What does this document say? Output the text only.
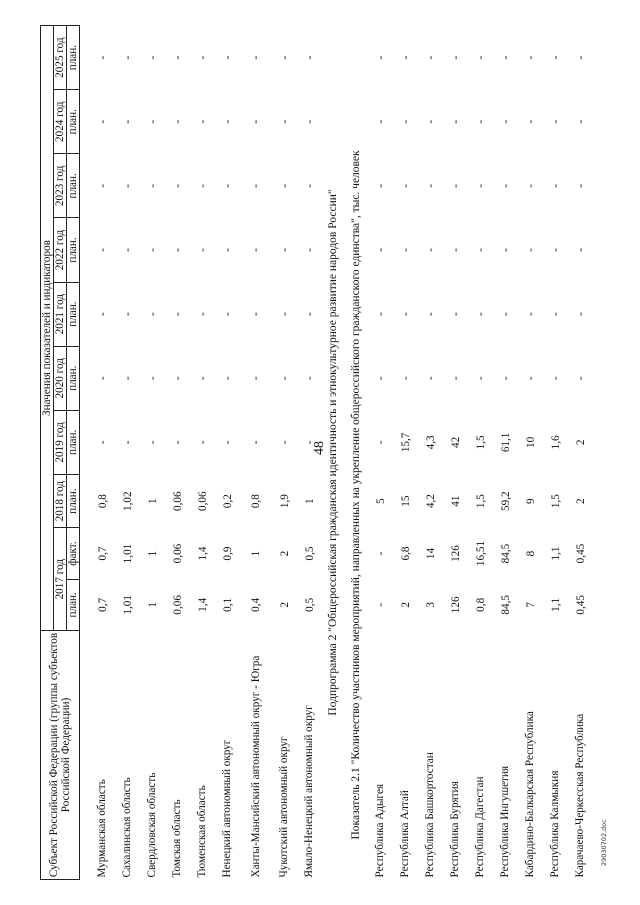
48
Субъект Российской Федерации (группы субъектов Российской Федерации)	Значения показателей и индикаторов									
	2017 год		2018 год	2019 год	2020 год	2021 год	2022 год	2023 год	2024 год	2025 год
	план.	факт.	план.	план.	план.	план.	план.	план.	план.	план.

Мурманская область	0,7	0,7	0,8	-	-	-	-	-	-	-
Сахалинская область	1,01	1,01	1,02	-	-	-	-	-	-	-
Свердловская область	1	1	1	-	-	-	-	-	-	-
Томская область	0,06	0,06	0,06	-	-	-	-	-	-	-
Тюменская область	1,4	1,4	0,06	-	-	-	-	-	-	-
Ненецкий автономный округ	0,1	0,9	0,2	-	-	-	-	-	-	-
Ханты-Мансийский автономный округ - Югра	0,4	1	0,8	-	-	-	-	-	-	-
Чукотский автономный округ	2	2	1,9	-	-	-	-	-	-	-
Ямало-Ненецкий автономный округ	0,5	0,5	1	-	-	-	-	-	-	-
Подпрограмма 2 "Общероссийская гражданская идентичность и этнокультурное развитие народов России"										
Показатель 2.1 "Количество участников мероприятий, направленных на укрепление общероссийского гражданского единства", тыс. человек										
Республика Адыгея	-	-	5	-	-	-	-	-	-	-
Республика Алтай	2	6,8	15	15,7	-	-	-	-	-	-
Республика Башкортостан	3	14	4,2	4,3	-	-	-	-	-	-
Республика Бурятия	126	126	41	42	-	-	-	-	-	-
Республика Дагестан	0,8	16,51	1,5	1,5	-	-	-	-	-	-
Республика Ингушетия	84,5	84,5	59,2	61,1	-	-	-	-	-	-
Кабардино-Балкарская Республика	7	8	9	10	-	-	-	-	-	-
Республика Калмыкия	1,1	1,1	1,5	1,6	-	-	-	-	-	-
Карачаево-Черкесская Республика	0,45	0,45	2	2	-	-	-	-	-	-
29030702.doc
